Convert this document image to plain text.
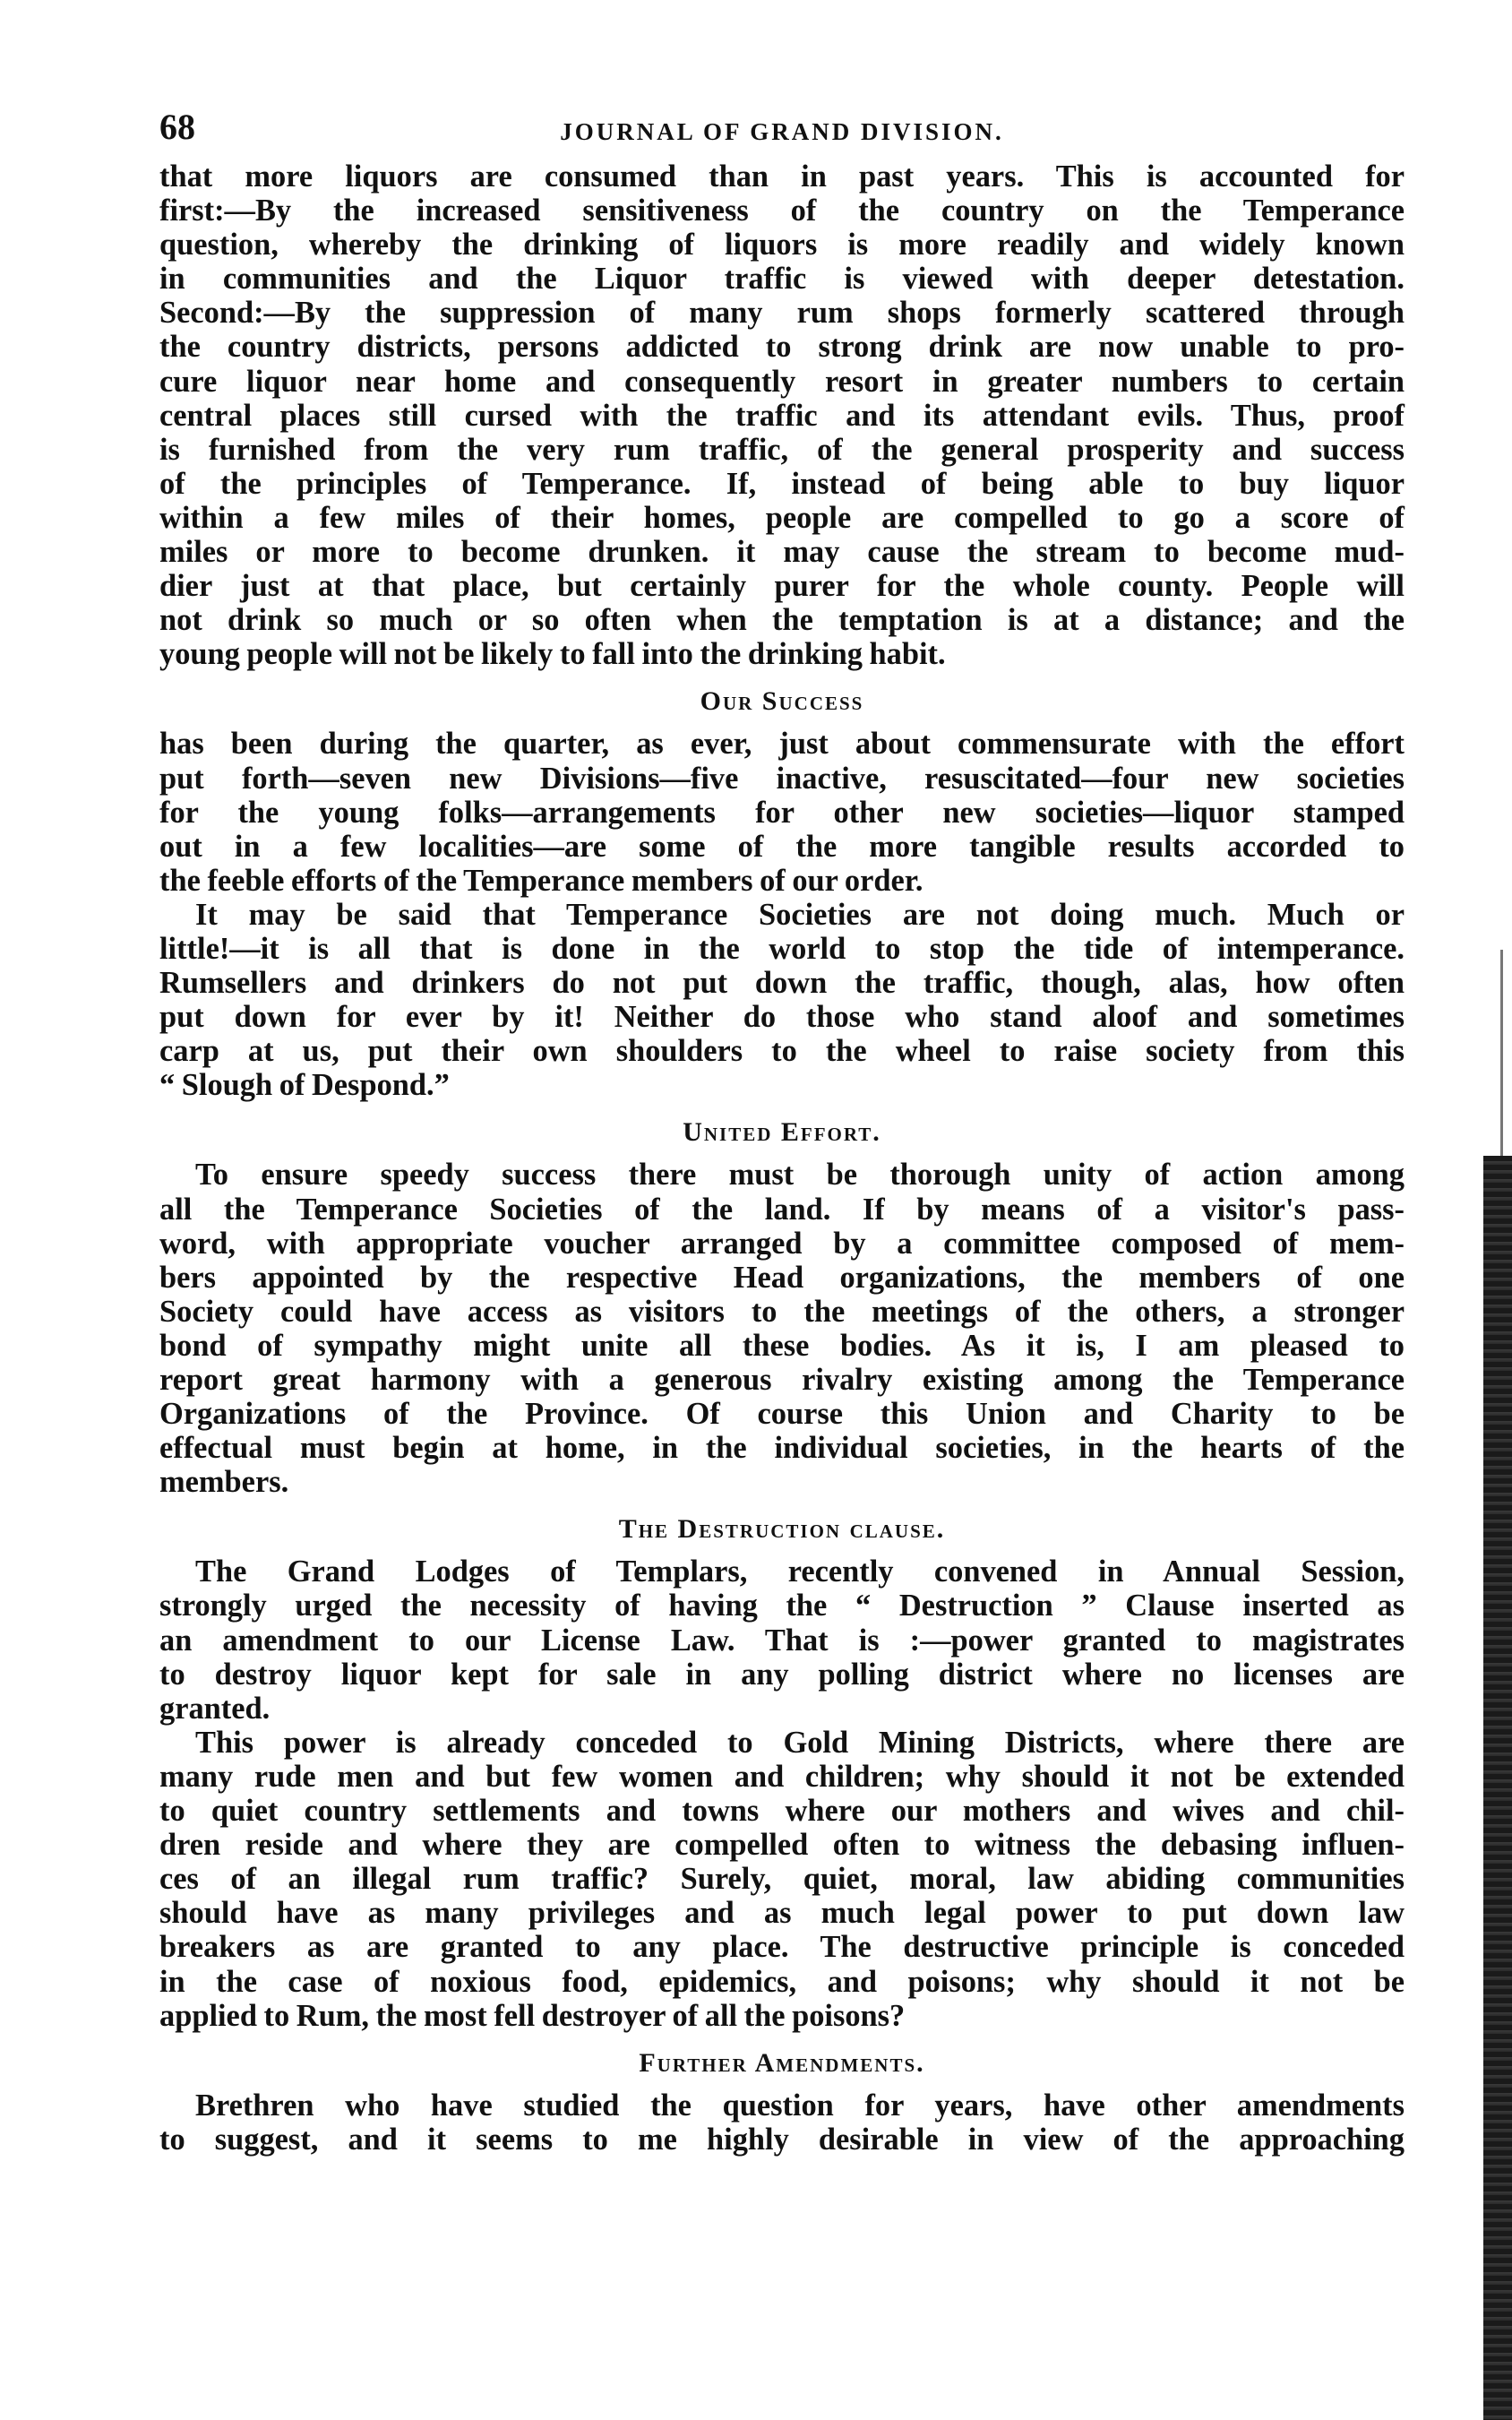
68	JOURNAL OF GRAND DIVISION.

that more liquors are consumed than in past years. This is accounted for

first:—By the increased sensitiveness of the country on the Temperance

question, whereby the drinking of liquors is more readily and widely known

in communities and the Liquor traffic is viewed with deeper detestation.

Second:—By the suppression of many rum shops formerly scattered through

the country districts, persons addicted to strong drink are now unable to pro-

cure liquor near home and consequently resort in greater numbers to certain

central places still cursed with the traffic and its attendant evils. Thus, proof

is furnished from the very rum traffic, of the general prosperity and success

of the principles of Temperance. If, instead of being able to buy liquor

within a few miles of their homes, people are compelled to go a score of

miles or more to become drunken. it may cause the stream to become mud-

dier just at that place, but certainly purer for the whole county. People will

not drink so much or so often when the temptation is at a distance; and the

young people will not be likely to fall into the drinking habit.

Our Success

has been during the quarter, as ever, just about commensurate with the effort

put forth—seven new Divisions—five inactive, resuscitated—four new societies

for the young folks—arrangements for other new societies—liquor stamped

out in a few localities—are some of the more tangible results accorded to

the feeble efforts of the Temperance members of our order.

It may be said that Temperance Societies are not doing much. Much or

little!—it is all that is done in the world to stop the tide of intemperance.

Rumsellers and drinkers do not put down the traffic, though, alas, how often

put down for ever by it! Neither do those who stand aloof and sometimes

carp at us, put their own shoulders to the wheel to raise society from this

“ Slough of Despond.”

United Effort.

To ensure speedy success there must be thorough unity of action among

all the Temperance Societies of the land. If by means of a visitor's pass-

word, with appropriate voucher arranged by a committee composed of mem-

bers appointed by the respective Head organizations, the members of one

Society could have access as visitors to the meetings of the others, a stronger

bond of sympathy might unite all these bodies. As it is, I am pleased to

report great harmony with a generous rivalry existing among the Temperance

Organizations of the Province. Of course this Union and Charity to be

effectual must begin at home, in the individual societies, in the hearts of the

members.

The Destruction clause.

The Grand Lodges of Templars, recently convened in Annual Session,

strongly urged the necessity of having the “ Destruction ” Clause inserted as

an amendment to our License Law. That is :—power granted to magistrates

to destroy liquor kept for sale in any polling district where no licenses are

granted.

This power is already conceded to Gold Mining Districts, where there are

many rude men and but few women and children; why should it not be extended

to quiet country settlements and towns where our mothers and wives and chil-

dren reside and where they are compelled often to witness the debasing influen-

ces of an illegal rum traffic? Surely, quiet, moral, law abiding communities

should have as many privileges and as much legal power to put down law

breakers as are granted to any place. The destructive principle is conceded

in the case of noxious food, epidemics, and poisons; why should it not be

applied to Rum, the most fell destroyer of all the poisons?

Further Amendments.

Brethren who have studied the question for years, have other amendments

to suggest, and it seems to me highly desirable in view of the approaching
